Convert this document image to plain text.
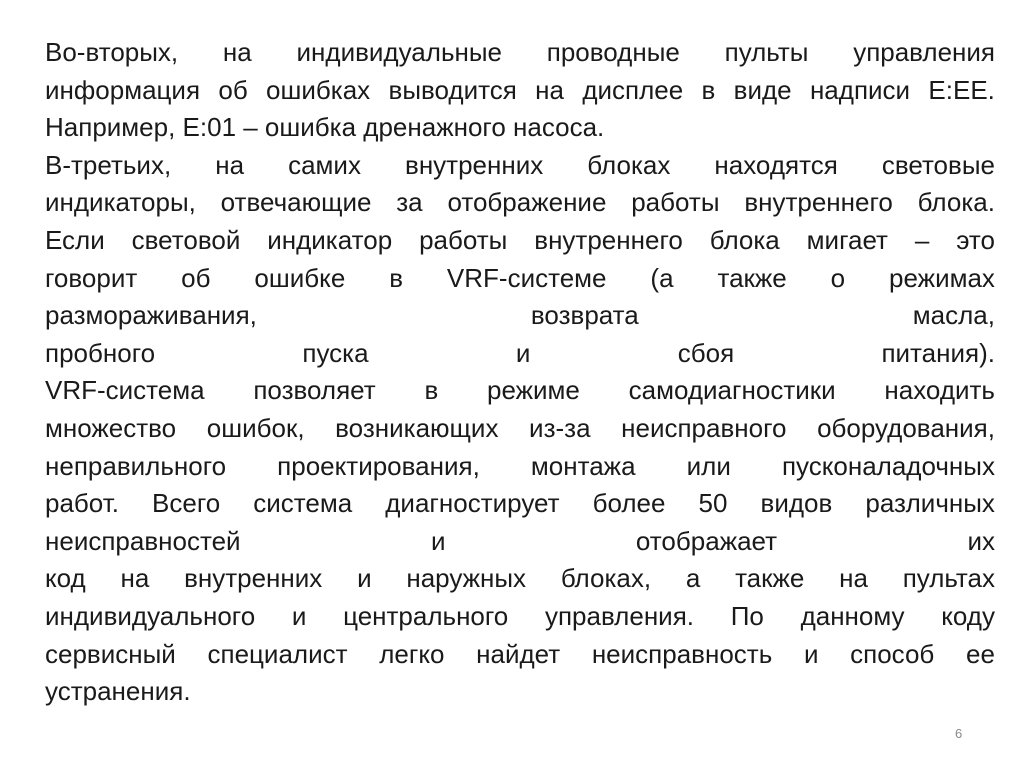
Во-вторых, на индивидуальные проводные пульты управления
информация об ошибках выводится на дисплее в виде надписи Е:ЕЕ.
Например, Е:01 – ошибка дренажного насоса.
В-третьих, на самих внутренних блоках находятся световые
индикаторы, отвечающие за отображение работы внутреннего блока.
Если световой индикатор работы внутреннего блока мигает – это
говорит об ошибке в VRF-системе (а также о режимах
размораживания,	возврата	масла,
пробного	пуска	и	сбоя	питания).
VRF-система позволяет в режиме самодиагностики находить
множество ошибок, возникающих из-за неисправного оборудования,
неправильного проектирования, монтажа или пусконаладочных
работ. Всего система диагностирует более 50 видов различных
неисправностей	и	отображает	их
код на внутренних и наружных блоках, а также на пультах
индивидуального и центрального управления. По данному коду
сервисный специалист легко найдет неисправность и способ ее
устранения.
6
